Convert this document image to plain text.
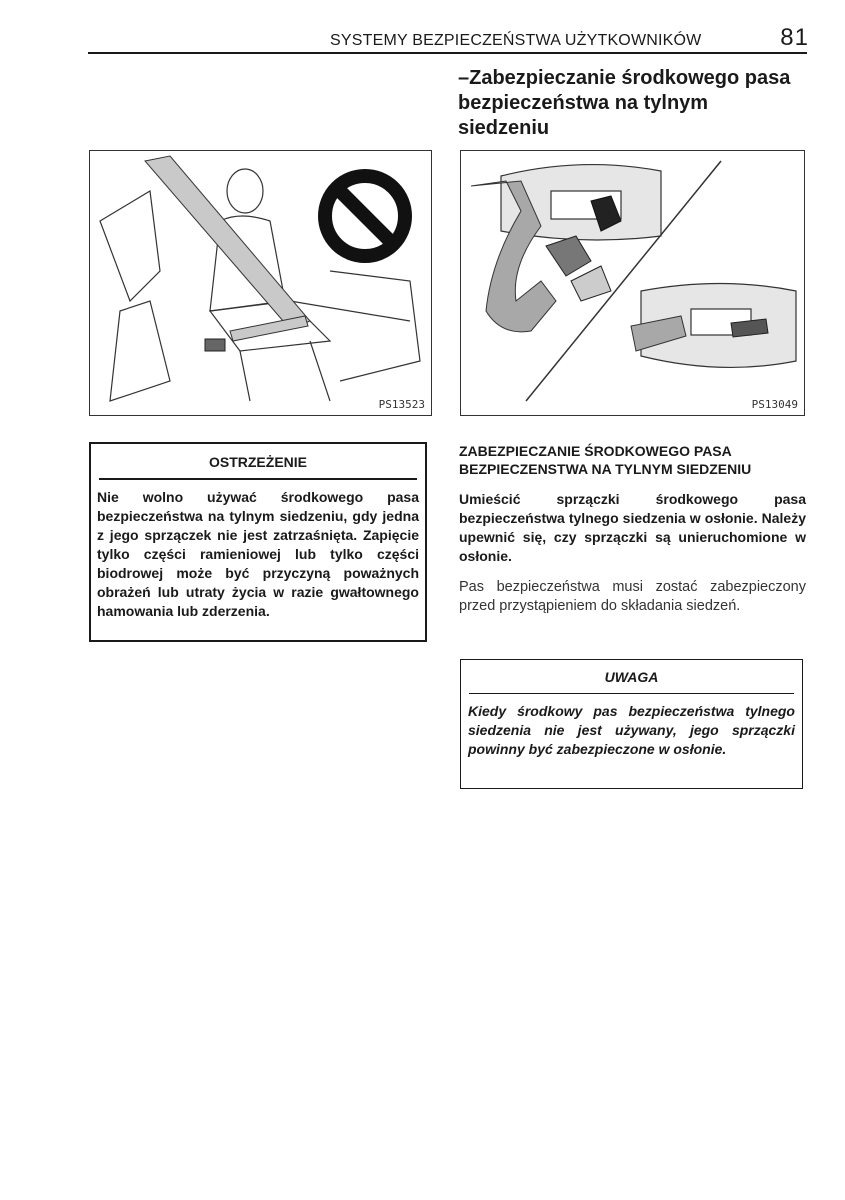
SYSTEMY BEZPIECZEŃSTWA UŻYTKOWNIKÓW	81
–Zabezpieczanie środkowego pasa bezpieczeństwa na tylnym siedzeniu
PS13523	PS13049
OSTRZEŻENIE
Nie wolno używać środkowego pasa bezpieczeństwa na tylnym siedzeniu, gdy jedna z jego sprzączek nie jest zatrzaśnięta. Zapięcie tylko części ramieniowej lub tylko części biodrowej może być przyczyną poważnych obrażeń lub utraty życia w razie gwałtownego hamowania lub zderzenia.

ZABEZPIECZANIE ŚRODKOWEGO PASA BEZPIECZENSTWA NA TYLNYM SIEDZENIU

Umieścić sprzączki środkowego pasa bezpieczeństwa tylnego siedzenia w osłonie. Należy upewnić się, czy sprzączki są unieruchomione w osłonie.

Pas bezpieczeństwa musi zostać zabezpieczony przed przystąpieniem do składania siedzeń.

UWAGA
Kiedy środkowy pas bezpieczeństwa tylnego siedzenia nie jest używany, jego sprzączki powinny być zabezpieczone w osłonie.
